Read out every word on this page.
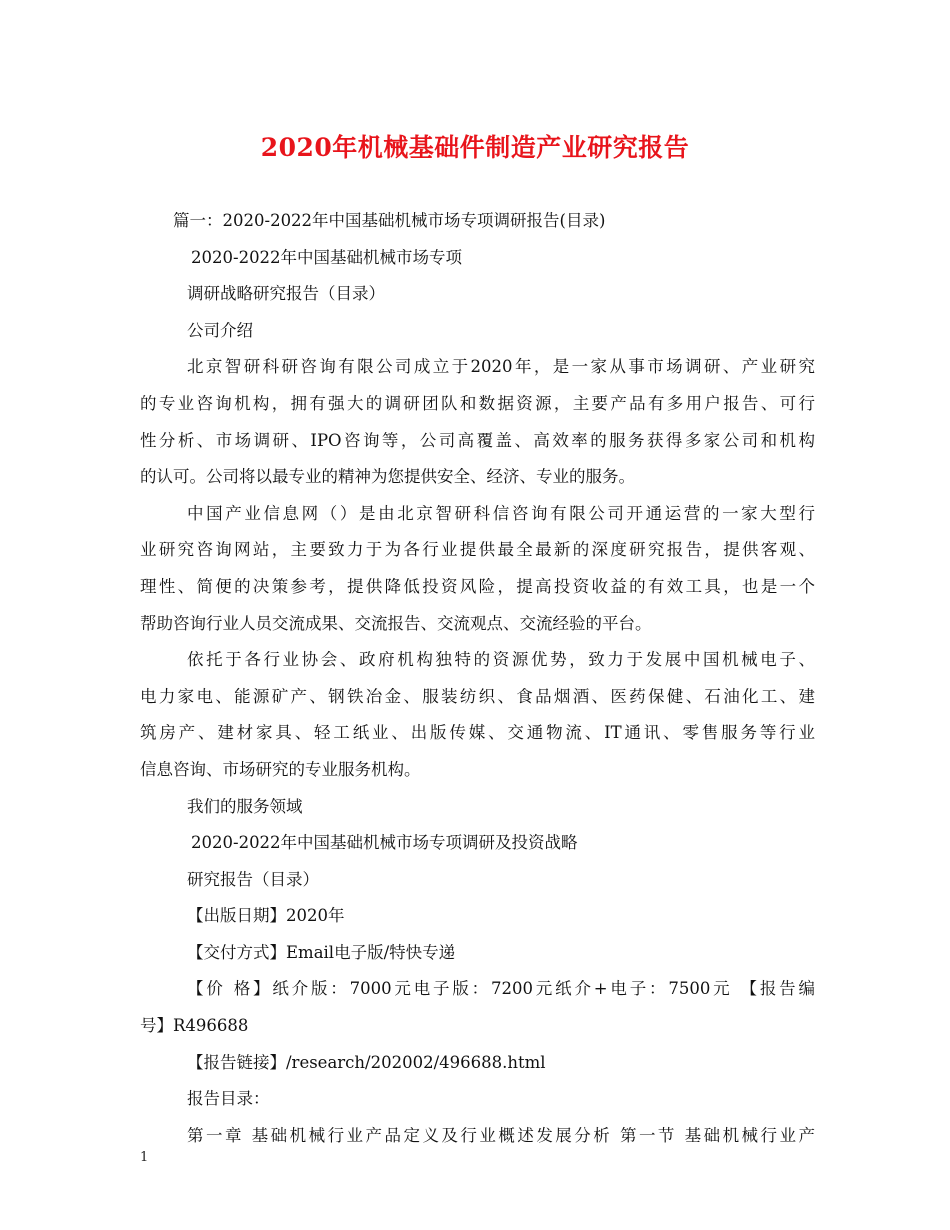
2020年机械基础件制造产业研究报告
篇一：2020-2022年中国基础机械市场专项调研报告(目录)
2020-2022年中国基础机械市场专项
调研战略研究报告（目录）
公司介绍
北京智研科研咨询有限公司成立于2020年，是一家从事市场调研、产业研究
的专业咨询机构，拥有强大的调研团队和数据资源，主要产品有多用户报告、可行
性分析、市场调研、IPO咨询等，公司高覆盖、高效率的服务获得多家公司和机构
的认可。公司将以最专业的精神为您提供安全、经济、专业的服务。
中国产业信息网（）是由北京智研科信咨询有限公司开通运营的一家大型行
业研究咨询网站，主要致力于为各行业提供最全最新的深度研究报告，提供客观、
理性、简便的决策参考，提供降低投资风险，提高投资收益的有效工具，也是一个
帮助咨询行业人员交流成果、交流报告、交流观点、交流经验的平台。
依托于各行业协会、政府机构独特的资源优势，致力于发展中国机械电子、
电力家电、能源矿产、钢铁冶金、服装纺织、食品烟酒、医药保健、石油化工、建
筑房产、建材家具、轻工纸业、出版传媒、交通物流、IT通讯、零售服务等行业
信息咨询、市场研究的专业服务机构。
我们的服务领域
2020-2022年中国基础机械市场专项调研及投资战略
研究报告（目录）
【出版日期】2020年
【交付方式】Email电子版/特快专递
【价 格】纸介版：7000元电子版：7200元纸介+电子：7500元 【报告编
号】R496688
【报告链接】/research/202002/496688.html
报告目录：
第一章 基础机械行业产品定义及行业概述发展分析 第一节 基础机械行业产
1
